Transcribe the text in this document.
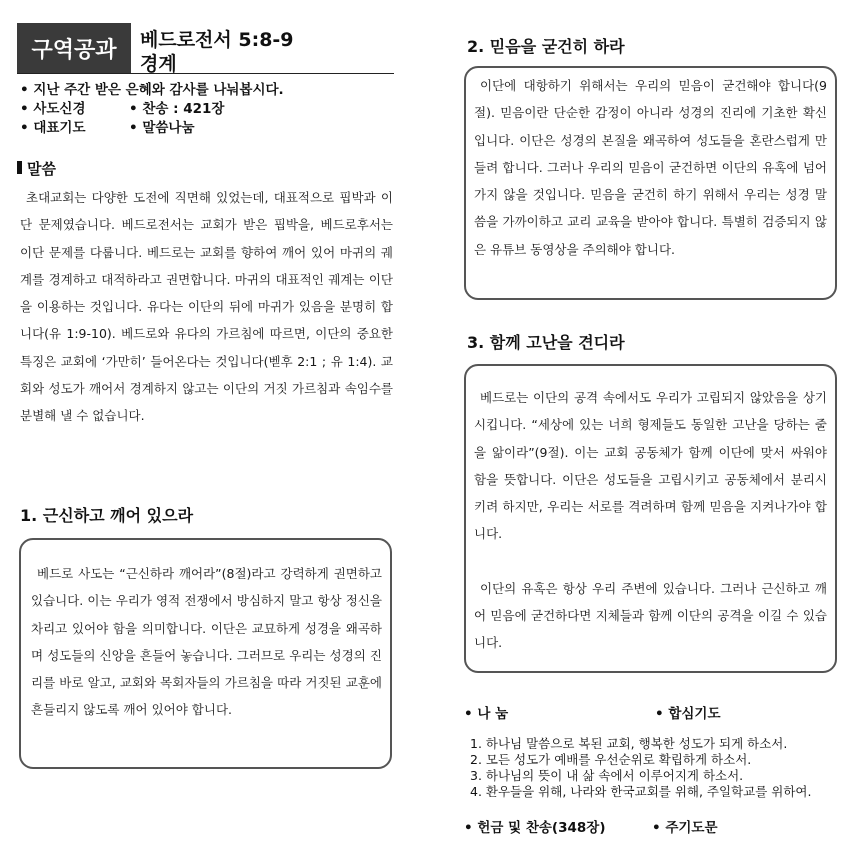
구역공과	베드로전서 5:8-9
경계
• 지난 주간 받은 은혜와 감사를 나눠봅시다.
• 사도신경	• 찬송 : 421장
• 대표기도	• 말씀나눔
말씀

초대교회는 다양한 도전에 직면해 있었는데, 대표적으로 핍박과 이단 문제였습니다. 베드로전서는 교회가 받은 핍박을, 베드로후서는 이단 문제를 다룹니다. 베드로는 교회를 향하여 깨어 있어 마귀의 궤계를 경계하고 대적하라고 권면합니다. 마귀의 대표적인 궤계는 이단을 이용하는 것입니다. 유다는 이단의 뒤에 마귀가 있음을 분명히 합니다(유 1:9-10). 베드로와 유다의 가르침에 따르면, 이단의 중요한 특징은 교회에 ‘가만히’ 들어온다는 것입니다(벧후 2:1 ; 유 1:4). 교회와 성도가 깨어서 경계하지 않고는 이단의 거짓 가르침과 속임수를 분별해 낼 수 없습니다.

1. 근신하고 깨어 있으라

베드로 사도는 “근신하라 깨어라”(8절)라고 강력하게 권면하고 있습니다. 이는 우리가 영적 전쟁에서 방심하지 말고 항상 정신을 차리고 있어야 함을 의미합니다. 이단은 교묘하게 성경을 왜곡하며 성도들의 신앙을 흔들어 놓습니다. 그러므로 우리는 성경의 진리를 바로 알고, 교회와 목회자들의 가르침을 따라 거짓된 교훈에 흔들리지 않도록 깨어 있어야 합니다.

2. 믿음을 굳건히 하라

이단에 대항하기 위해서는 우리의 믿음이 굳건해야 합니다(9절). 믿음이란 단순한 감정이 아니라 성경의 진리에 기초한 확신입니다. 이단은 성경의 본질을 왜곡하여 성도들을 혼란스럽게 만들려 합니다. 그러나 우리의 믿음이 굳건하면 이단의 유혹에 넘어가지 않을 것입니다. 믿음을 굳건히 하기 위해서 우리는 성경 말씀을 가까이하고 교리 교육을 받아야 합니다. 특별히 검증되지 않은 유튜브 동영상을 주의해야 합니다.

3. 함께 고난을 견디라

베드로는 이단의 공격 속에서도 우리가 고립되지 않았음을 상기시킵니다. “세상에 있는 너희 형제들도 동일한 고난을 당하는 줄을 앎이라”(9절). 이는 교회 공동체가 함께 이단에 맞서 싸워야 함을 뜻합니다. 이단은 성도들을 고립시키고 공동체에서 분리시키려 하지만, 우리는 서로를 격려하며 함께 믿음을 지켜나가야 합니다.

이단의 유혹은 항상 우리 주변에 있습니다. 그러나 근신하고 깨어 믿음에 굳건하다면 지체들과 함께 이단의 공격을 이길 수 있습니다.

• 나 눔	• 합심기도
1. 하나님 말씀으로 복된 교회, 행복한 성도가 되게 하소서.
2. 모든 성도가 예배를 우선순위로 확립하게 하소서.
3. 하나님의 뜻이 내 삶 속에서 이루어지게 하소서.
4. 환우들을 위해, 나라와 한국교회를 위해, 주일학교를 위하여.
• 헌금 및 찬송(348장)	• 주기도문
